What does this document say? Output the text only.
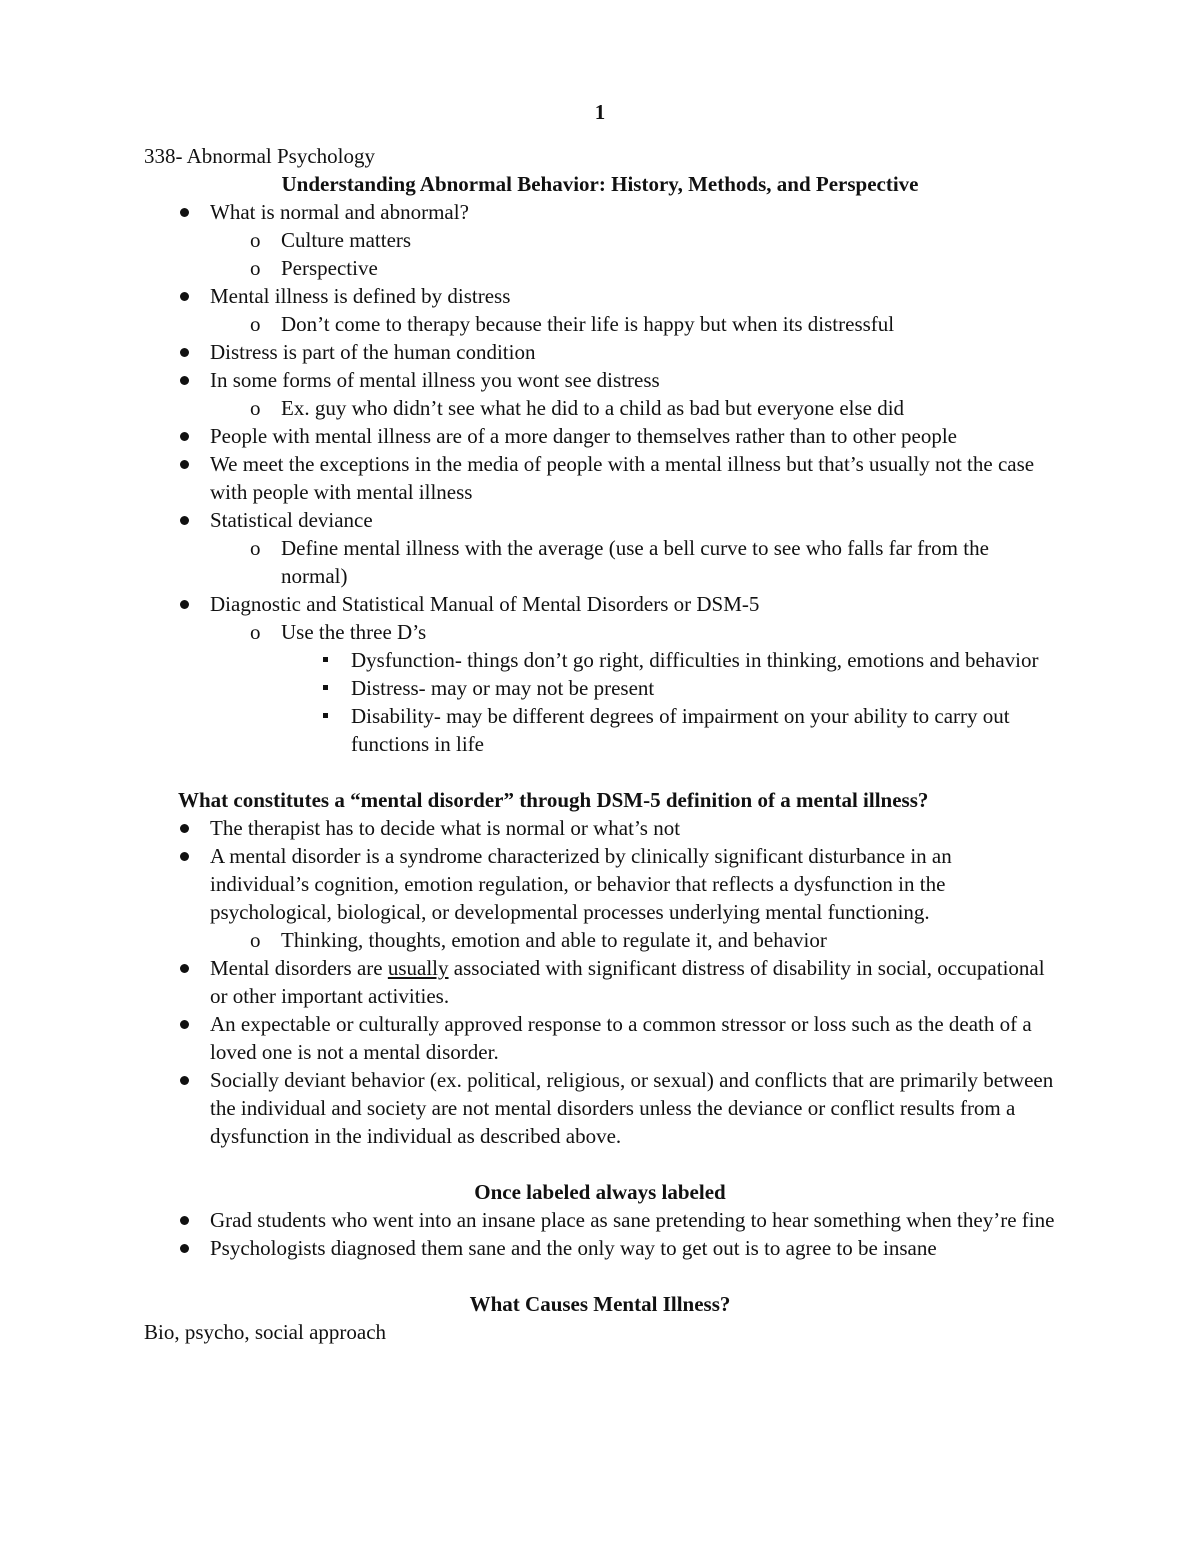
1

338- Abnormal Psychology

Understanding Abnormal Behavior: History, Methods, and Perspective
What is normal and abnormal?
o Culture matters
o Perspective
Mental illness is defined by distress
o Don’t come to therapy because their life is happy but when its distressful
Distress is part of the human condition
In some forms of mental illness you wont see distress
o Ex. guy who didn’t see what he did to a child as bad but everyone else did
People with mental illness are of a more danger to themselves rather than to other people
We meet the exceptions in the media of people with a mental illness but that’s usually not the case with people with mental illness
Statistical deviance
o Define mental illness with the average (use a bell curve to see who falls far from the normal)
Diagnostic and Statistical Manual of Mental Disorders or DSM-5
o Use the three D’s
Dysfunction- things don’t go right, difficulties in thinking, emotions and behavior
Distress- may or may not be present
Disability- may be different degrees of impairment on your ability to carry out functions in life
What constitutes a “mental disorder” through DSM-5 definition of a mental illness?
The therapist has to decide what is normal or what’s not
A mental disorder is a syndrome characterized by clinically significant disturbance in an individual’s cognition, emotion regulation, or behavior that reflects a dysfunction in the psychological, biological, or developmental processes underlying mental functioning.
o Thinking, thoughts, emotion and able to regulate it, and behavior
Mental disorders are usually associated with significant distress of disability in social, occupational or other important activities.
An expectable or culturally approved response to a common stressor or loss such as the death of a loved one is not a mental disorder.
Socially deviant behavior (ex. political, religious, or sexual) and conflicts that are primarily between the individual and society are not mental disorders unless the deviance or conflict results from a dysfunction in the individual as described above.
Once labeled always labeled
Grad students who went into an insane place as sane pretending to hear something when they’re fine
Psychologists diagnosed them sane and the only way to get out is to agree to be insane
What Causes Mental Illness?

Bio, psycho, social approach
